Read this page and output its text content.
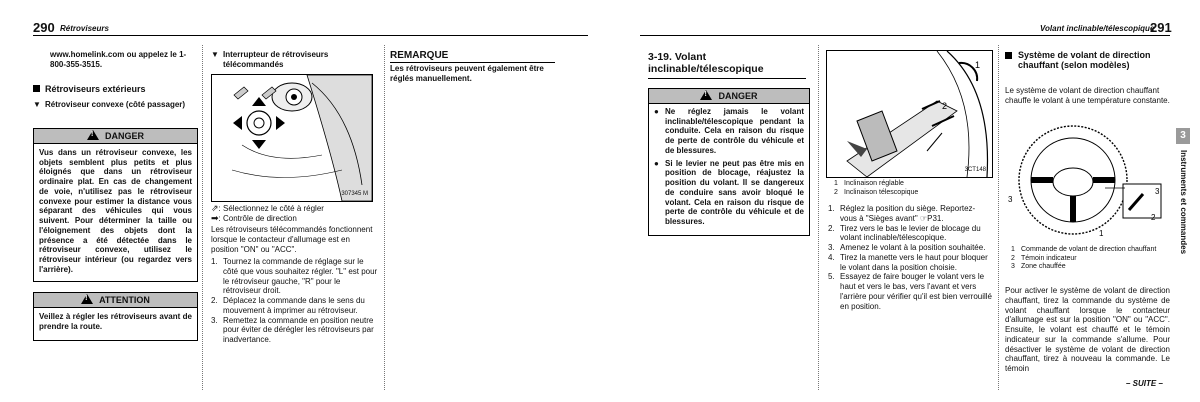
290 Rétroviseurs
www.homelink.com ou appelez le 1-800-355-3515.
Rétroviseurs extérieurs
▼ Rétroviseur convexe (côté passager)
!DANGER
Vus dans un rétroviseur convexe, les objets semblent plus petits et plus éloignés que dans un rétroviseur ordinaire plat. En cas de changement de voie, n'utilisez pas le rétroviseur convexe pour estimer la distance vous séparant des véhicules qui vous suivent. Pour déterminer la taille ou l'éloignement des objets dont la présence a été détectée dans le rétroviseur convexe, utilisez le rétroviseur intérieur (ou regardez vers l'arrière).
!ATTENTION
Veillez à régler les rétroviseurs avant de prendre la route.
▼ Interrupteur de rétroviseurs télécommandés
307345 M
⇗: Sélectionnez le côté à régler
➡: Contrôle de direction
Les rétroviseurs télécommandés fonctionnent lorsque le contacteur d'allumage est en position "ON" ou "ACC".
1. Tournez la commande de réglage sur le côté que vous souhaitez régler. "L" est pour le rétroviseur gauche, "R" pour le rétroviseur droit.
2. Déplacez la commande dans le sens du mouvement à imprimer au rétroviseur.
3. Remettez la commande en position neutre pour éviter de dérégler les rétroviseurs par inadvertance.
REMARQUE
Les rétroviseurs peuvent également être réglés manuellement.
Volant inclinable/télescopique
291
3-19. Volant inclinable/télescopique
!DANGER
● Ne réglez jamais le volant inclinable/télescopique pendant la conduite. Cela en raison du risque de perte de contrôle du véhicule et de blessures.
● Si le levier ne peut pas être mis en position de blocage, réajustez la position du volant. Il se dangereux de conduire sans avoir bloqué le volant. Cela en raison du risque de perte de contrôle du véhicule et de blessures.
1
2
3CT148
1 Inclinaison réglable
2 Inclinaison télescopique
1. Réglez la position du siège. Reportez-vous à "Sièges avant" ☞P31.
2. Tirez vers le bas le levier de blocage du volant inclinable/télescopique.
3. Amenez le volant à la position souhaitée.
4. Tirez la manette vers le haut pour bloquer le volant dans la position choisie.
5. Essayez de faire bouger le volant vers le haut et vers le bas, vers l'avant et vers l'arrière pour vérifier qu'il est bien verrouillé en position.
Système de volant de direction chauffant (selon modèles)
Le système de volant de direction chauffant chauffe le volant à une température constante.
3
3
2
1
1 Commande de volant de direction chauffant
2 Témoin indicateur
3 Zone chauffée
Pour activer le système de volant de direction chauffant, tirez la commande du système de volant chauffant lorsque le contacteur d'allumage est sur la position "ON" ou "ACC". Ensuite, le volant est chauffé et le témoin indicateur sur la commande s'allume. Pour désactiver le système de volant de direction chauffant, tirez à nouveau la commande. Le témoin
– SUITE –
3
Instruments et commandes
